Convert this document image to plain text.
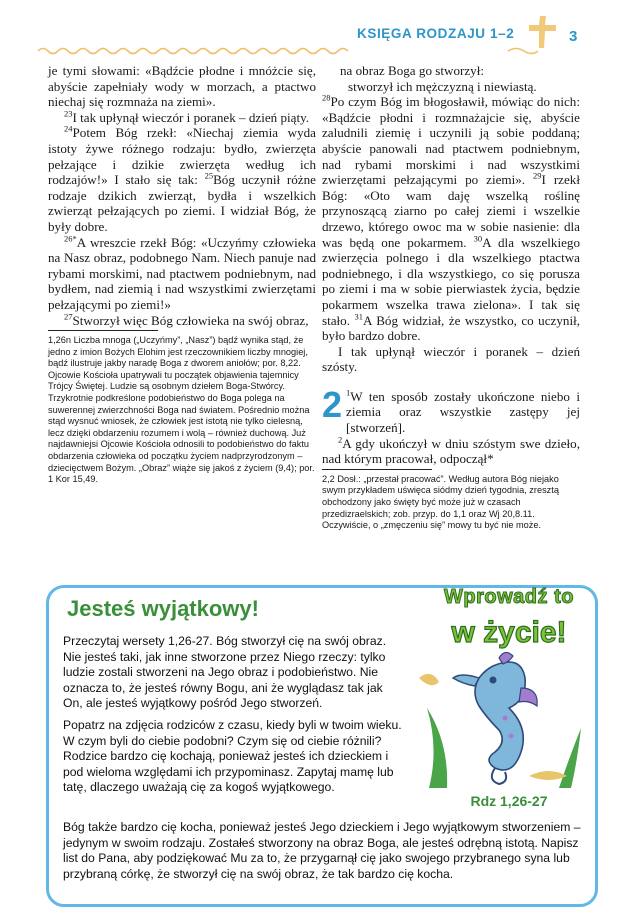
KSIĘGA RODZAJU 1–2	3

je tymi słowami: «Bądźcie płodne i mnóżcie się, abyście zapełniały wody w morzach, a ptactwo niechaj się rozmnaża na ziemi».

$^{23}$I tak upłynął wieczór i poranek – dzień piąty.

$^{24}$Potem Bóg rzekł: «Niechaj ziemia wyda istoty żywe różnego rodzaju: bydło, zwierzęta pełzające i dzikie zwierzęta według ich rodzajów!» I stało się tak: $^{25}$Bóg uczynił różne rodzaje dzikich zwierząt, bydła i wszelkich zwierząt pełzających po ziemi. I widział Bóg, że były dobre.

$^{26*}$A wreszcie rzekł Bóg: «Uczyńmy człowieka na Nasz obraz, podobnego Nam. Niech panuje nad rybami morskimi, nad ptactwem podniebnym, nad bydłem, nad ziemią i nad wszystkimi zwierzętami pełzającymi po ziemi!»

$^{27}$Stworzył więc Bóg człowieka na swój obraz,

1,26n Liczba mnoga („Uczyńmy”, „Nasz”) bądź wynika stąd, że jedno z imion Bożych Elohim jest rzeczownikiem liczby mnogiej, bądź ilustruje jakby naradę Boga z dworem aniołów; por. 8,22. Ojcowie Kościoła upatrywali tu początek objawienia tajemnicy Trójcy Świętej. Ludzie są osobnym dziełem Boga-Stwórcy. Trzykrotnie podkreślone podobieństwo do Boga polega na suwerennej zwierzchności Boga nad światem. Pośrednio można stąd wysnuć wniosek, że człowiek jest istotą nie tylko cielesną, lecz dzięki obdarzeniu rozumem i wolą – również duchową. Już najdawniejsi Ojcowie Kościoła odnosili to podobieństwo do faktu obdarzenia człowieka od początku życiem nadprzyrodzonym – dziecięctwem Bożym. „Obraz” wiąże się jakoś z życiem (9,4); por. 1 Kor 15,49.

na obraz Boga go stworzył:

stworzył ich mężczyzną i niewiastą.

$^{28}$Po czym Bóg im błogosławił, mówiąc do nich: «Bądźcie płodni i rozmnażajcie się, abyście zaludnili ziemię i uczynili ją sobie poddaną; abyście panowali nad ptactwem podniebnym, nad rybami morskimi i nad wszystkimi zwierzętami pełzającymi po ziemi». $^{29}$I rzekł Bóg: «Oto wam daję wszelką roślinę przynoszącą ziarno po całej ziemi i wszelkie drzewo, którego owoc ma w sobie nasienie: dla was będą one pokarmem. $^{30}$A dla wszelkiego zwierzęcia polnego i dla wszelkiego ptactwa podniebnego, i dla wszystkiego, co się porusza po ziemi i ma w sobie pierwiastek życia, będzie pokarmem wszelka trawa zielona». I tak się stało. $^{31}$A Bóg widział, że wszystko, co uczynił, było bardzo dobre.

I tak upłynął wieczór i poranek – dzień szósty.

2 $^1$W ten sposób zostały ukończone niebo i ziemia oraz wszystkie zastępy jej [stworzeń].

$^2$A gdy ukończył w dniu szóstym swe dzieło, nad którym pracował, odpoczął*

2,2 Dosł.: „przestał pracować”. Według autora Bóg niejako swym przykładem uświęca siódmy dzień tygodnia, zresztą obchodzony jako święty być może już w czasach przedizraelskich; zob. przyp. do 1,1 oraz Wj 20,8.11. Oczywiście, o „zmęczeniu się” mowy tu być nie może.

Jesteś wyjątkowy!	Wprowadź to
w życie!
Rdz 1,26-27

Przeczytaj wersety 1,26-27. Bóg stworzył cię na swój obraz. Nie jesteś taki, jak inne stworzone przez Niego rzeczy: tylko ludzie zostali stworzeni na Jego obraz i podobieństwo. Nie oznacza to, że jesteś równy Bogu, ani że wyglądasz tak jak On, ale jesteś wyjątkowy pośród Jego stworzeń.

Popatrz na zdjęcia rodziców z czasu, kiedy byli w twoim wieku. W czym byli do ciebie podobni? Czym się od ciebie różnili? Rodzice bardzo cię kochają, ponieważ jesteś ich dzieckiem i pod wieloma względami ich przypominasz. Zapytaj mamę lub tatę, dlaczego uważają cię za kogoś wyjątkowego.

Bóg także bardzo cię kocha, ponieważ jesteś Jego dzieckiem i Jego wyjątkowym stworzeniem – jedynym w swoim rodzaju. Zostałeś stworzony na obraz Boga, ale jesteś odrębną istotą. Napisz list do Pana, aby podziękować Mu za to, że przygarnął cię jako swojego przybranego syna lub przybraną córkę, że stworzył cię na swój obraz, że tak bardzo cię kocha.
